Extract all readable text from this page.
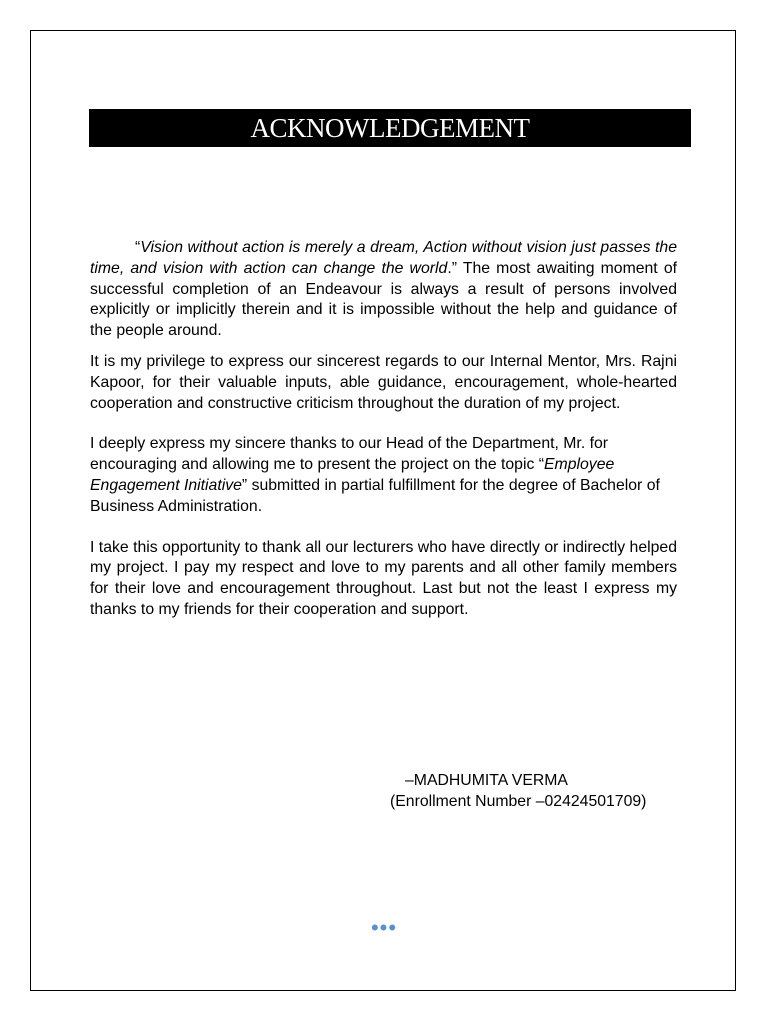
ACKNOWLEDGEMENT

“Vision without action is merely a dream, Action without vision just passes the time, and vision with action can change the world.” The most awaiting moment of successful completion of an Endeavour is always a result of persons involved explicitly or implicitly therein and it is impossible without the help and guidance of the people around.

It is my privilege to express our sincerest regards to our Internal Mentor, Mrs. Rajni Kapoor, for their valuable inputs, able guidance, encouragement, whole-hearted cooperation and constructive criticism throughout the duration of my project.

I deeply express my sincere thanks to our Head of the Department, Mr. for encouraging and allowing me to present the project on the topic “Employee Engagement Initiative” submitted in partial fulfillment for the degree of Bachelor of Business Administration.

I take this opportunity to thank all our lecturers who have directly or indirectly helped my project. I pay my respect and love to my parents and all other family members for their love and encouragement throughout. Last but not the least I express my thanks to my friends for their cooperation and support.

–MADHUMITA VERMA
(Enrollment Number –02424501709)
•••
